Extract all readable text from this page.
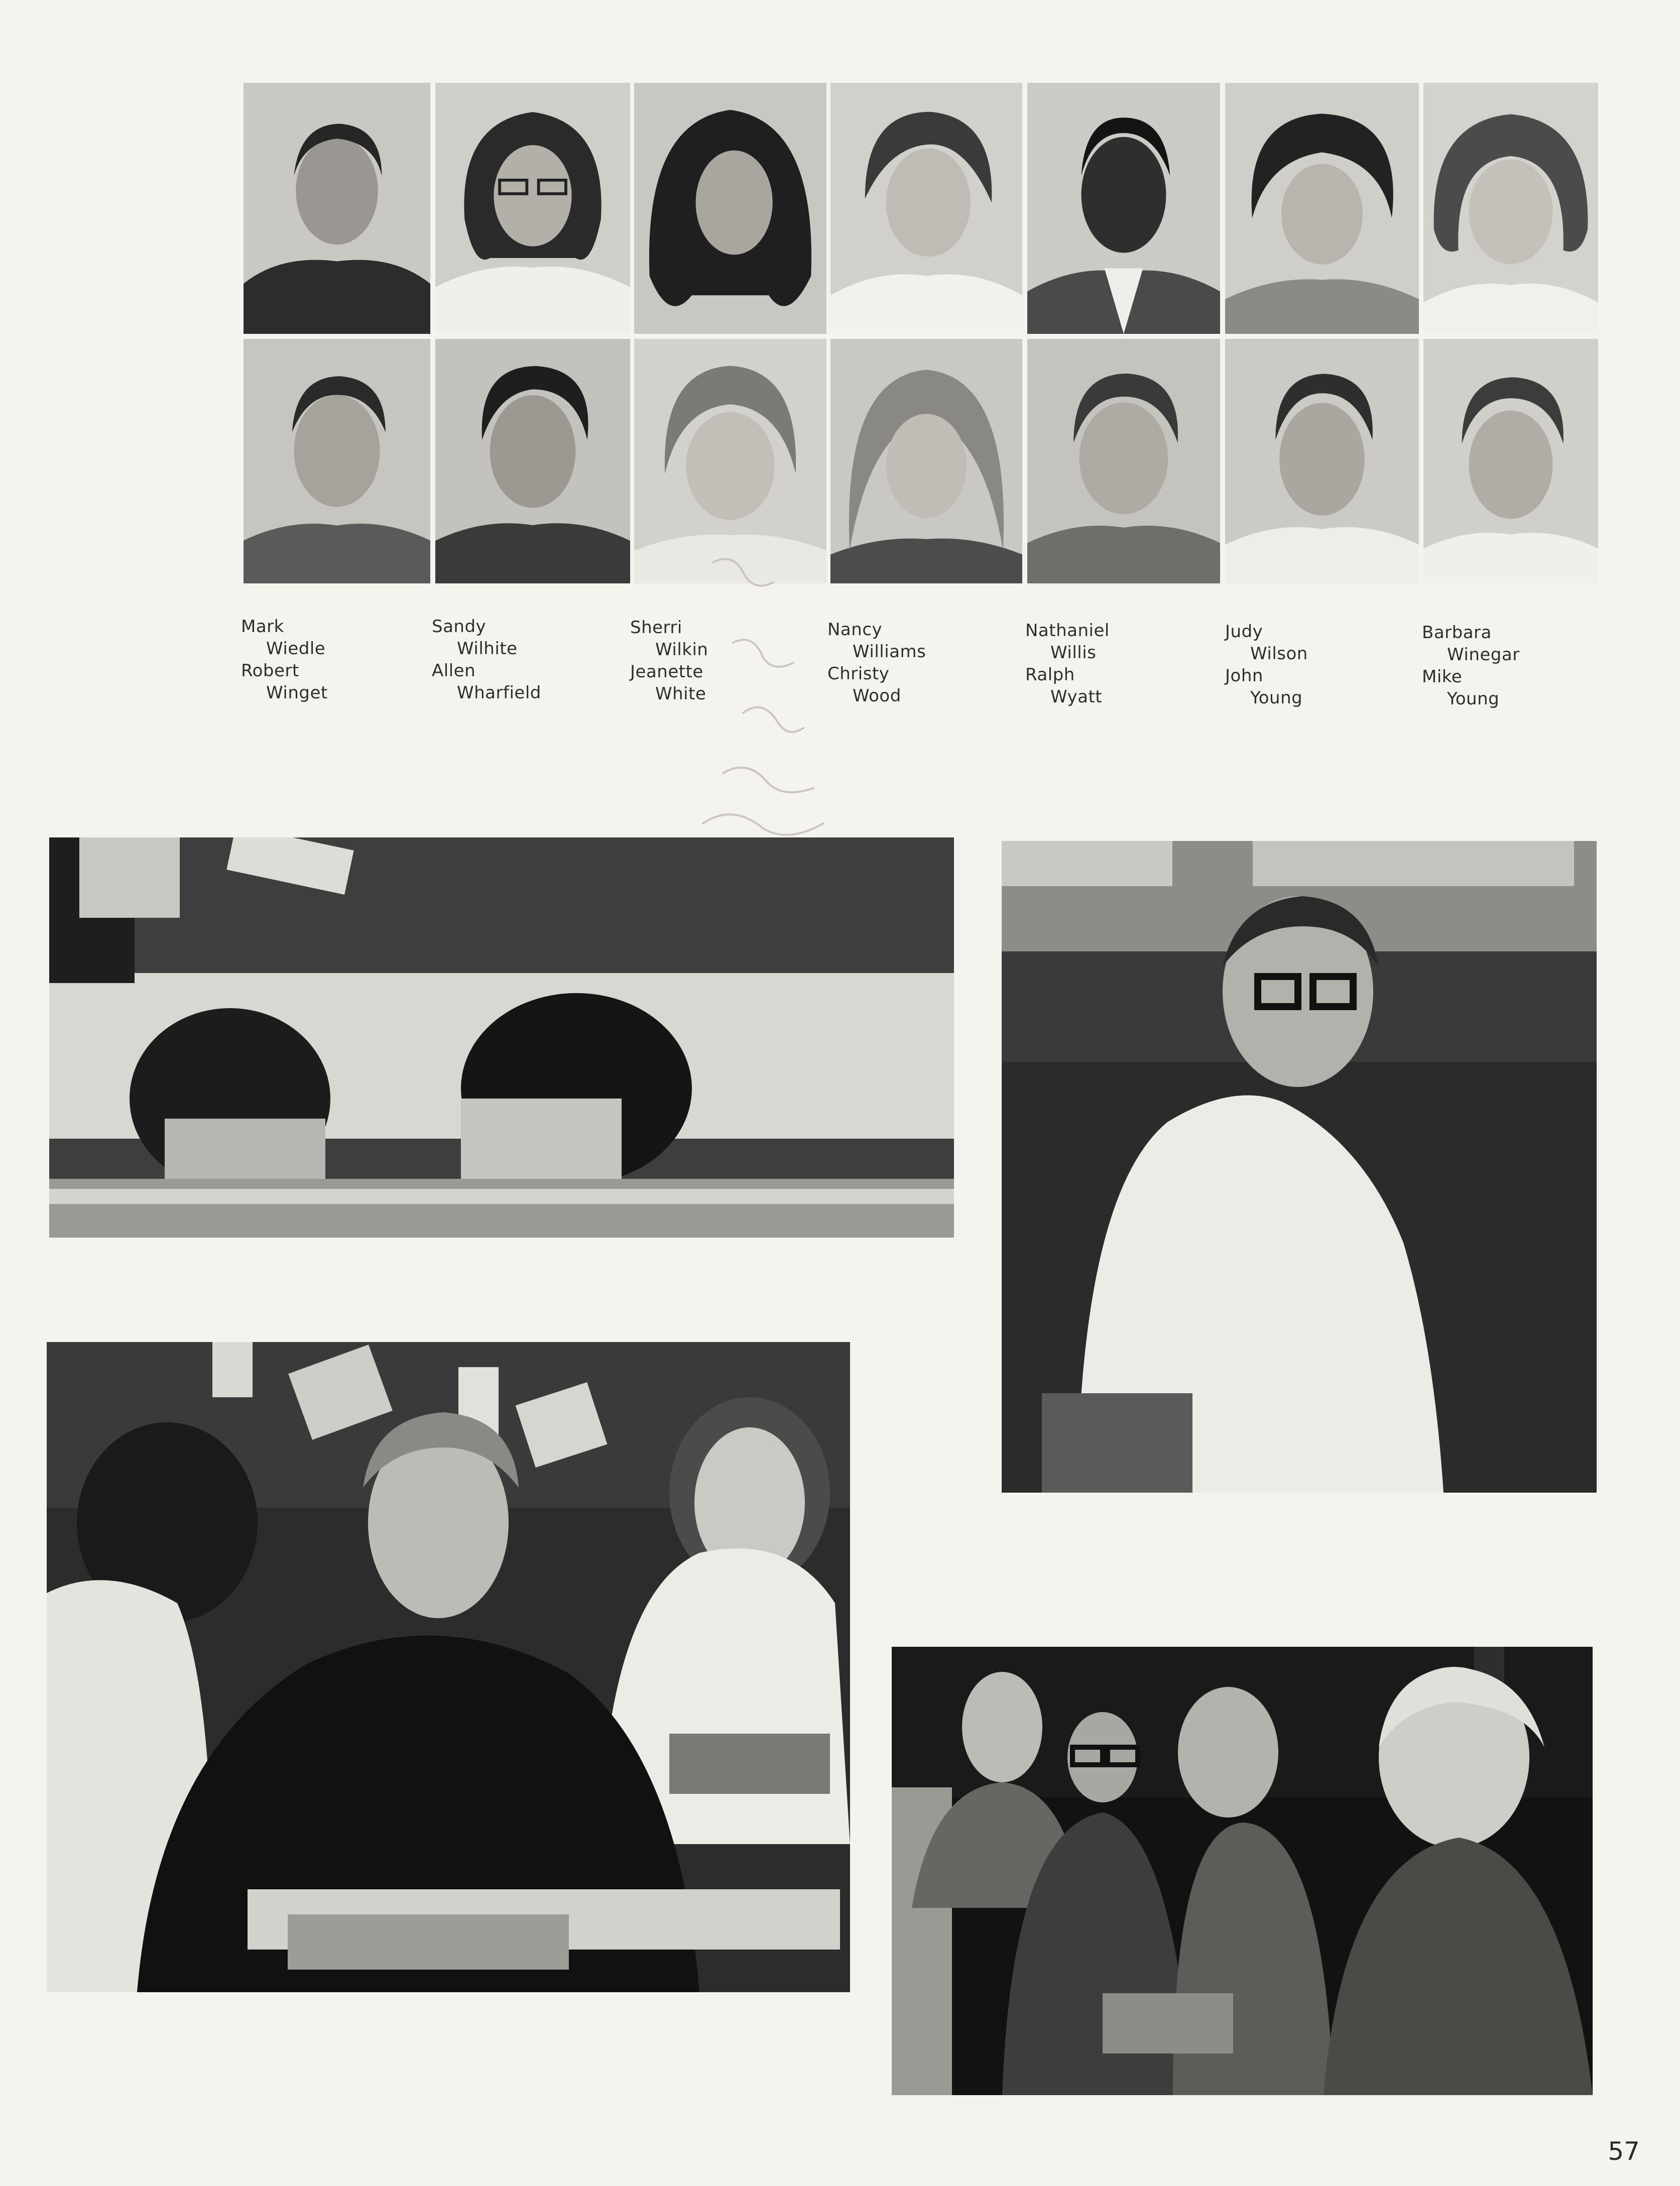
Mark
Wiedle
Robert
Winget
Sandy
Wilhite
Allen
Wharfield
Sherri
Wilkin
Jeanette
White
Nancy
Williams
Christy
Wood
Nathaniel
Willis
Ralph
Wyatt
Judy
Wilson
John
Young
Barbara
Winegar
Mike
Young
57
